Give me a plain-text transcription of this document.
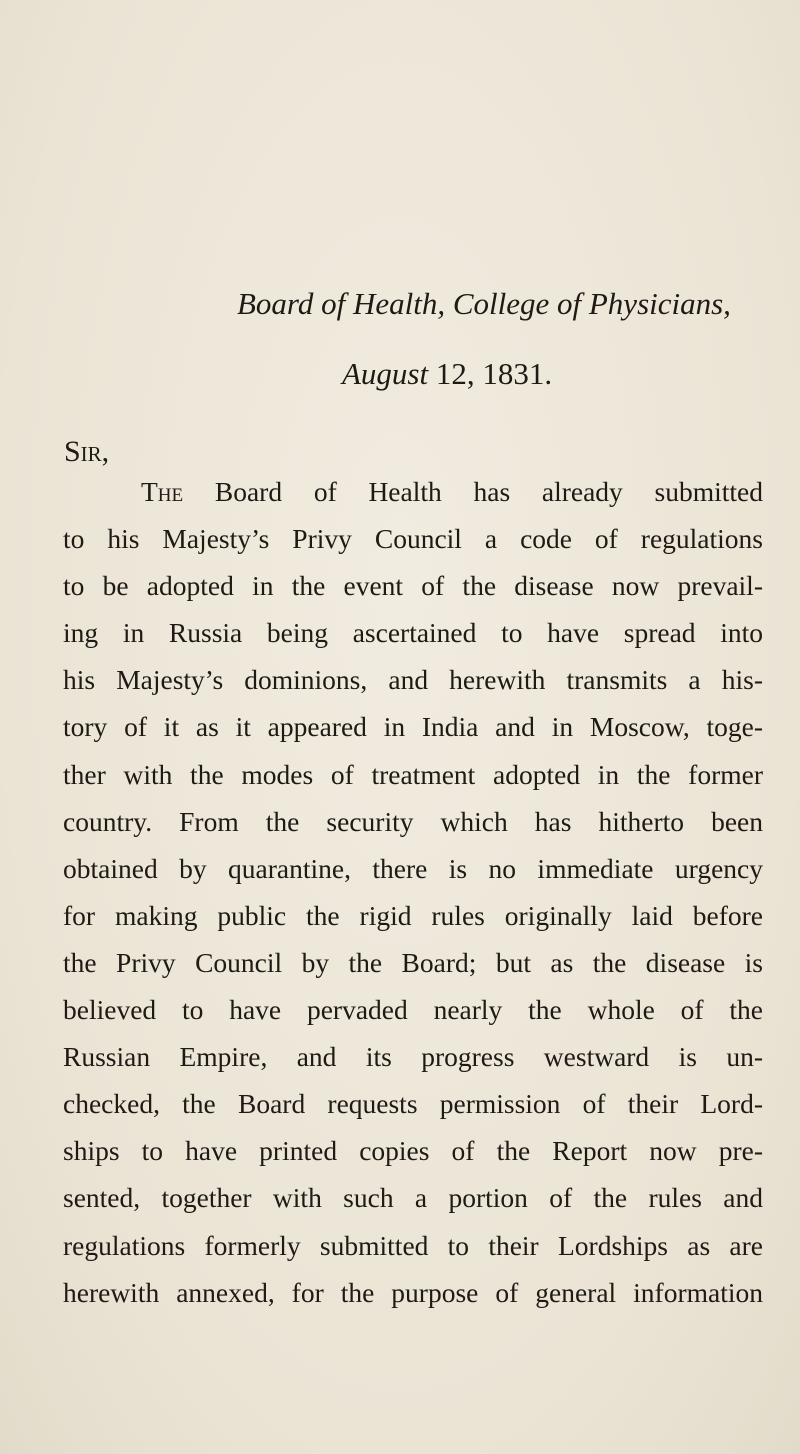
Board of Health, College of Physicians,
August 12, 1831.
Sir,
The Board of Health has already submitted
to his Majesty’s Privy Council a code of regulations
to be adopted in the event of the disease now prevail-
ing in Russia being ascertained to have spread into
his Majesty’s dominions, and herewith transmits a his-
tory of it as it appeared in India and in Moscow, toge-
ther with the modes of treatment adopted in the former
country. From the security which has hitherto been
obtained by quarantine, there is no immediate urgency
for making public the rigid rules originally laid before
the Privy Council by the Board; but as the disease is
believed to have pervaded nearly the whole of the
Russian Empire, and its progress westward is un-
checked, the Board requests permission of their Lord-
ships to have printed copies of the Report now pre-
sented, together with such a portion of the rules and
regulations formerly submitted to their Lordships as are
herewith annexed, for the purpose of general information
